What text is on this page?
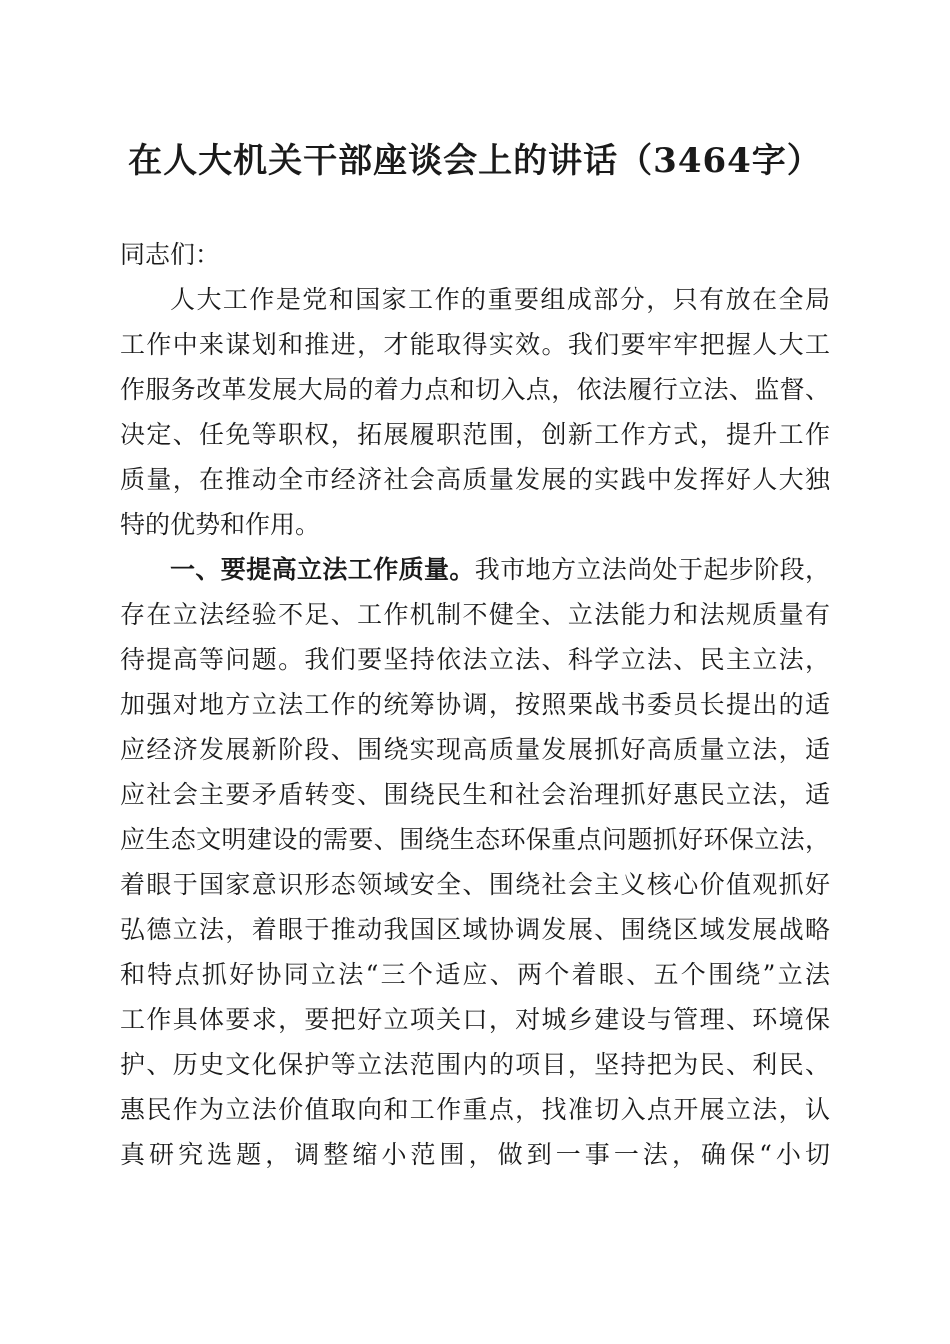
在人大机关干部座谈会上的讲话（3464字）
同志们：
人大工作是党和国家工作的重要组成部分，只有放在全局
工作中来谋划和推进，才能取得实效。我们要牢牢把握人大工
作服务改革发展大局的着力点和切入点，依法履行立法、监督、
决定、任免等职权，拓展履职范围，创新工作方式，提升工作
质量，在推动全市经济社会高质量发展的实践中发挥好人大独
特的优势和作用。
一、要提高立法工作质量。我市地方立法尚处于起步阶段，
存在立法经验不足、工作机制不健全、立法能力和法规质量有
待提高等问题。我们要坚持依法立法、科学立法、民主立法，
加强对地方立法工作的统筹协调，按照栗战书委员长提出的适
应经济发展新阶段、围绕实现高质量发展抓好高质量立法，适
应社会主要矛盾转变、围绕民生和社会治理抓好惠民立法，适
应生态文明建设的需要、围绕生态环保重点问题抓好环保立法，
着眼于国家意识形态领域安全、围绕社会主义核心价值观抓好
弘德立法，着眼于推动我国区域协调发展、围绕区域发展战略
和特点抓好协同立法“三个适应、两个着眼、五个围绕”立法
工作具体要求，要把好立项关口，对城乡建设与管理、环境保
护、历史文化保护等立法范围内的项目，坚持把为民、利民、
惠民作为立法价值取向和工作重点，找准切入点开展立法，认
真研究选题，调整缩小范围，做到一事一法，确保“小切
